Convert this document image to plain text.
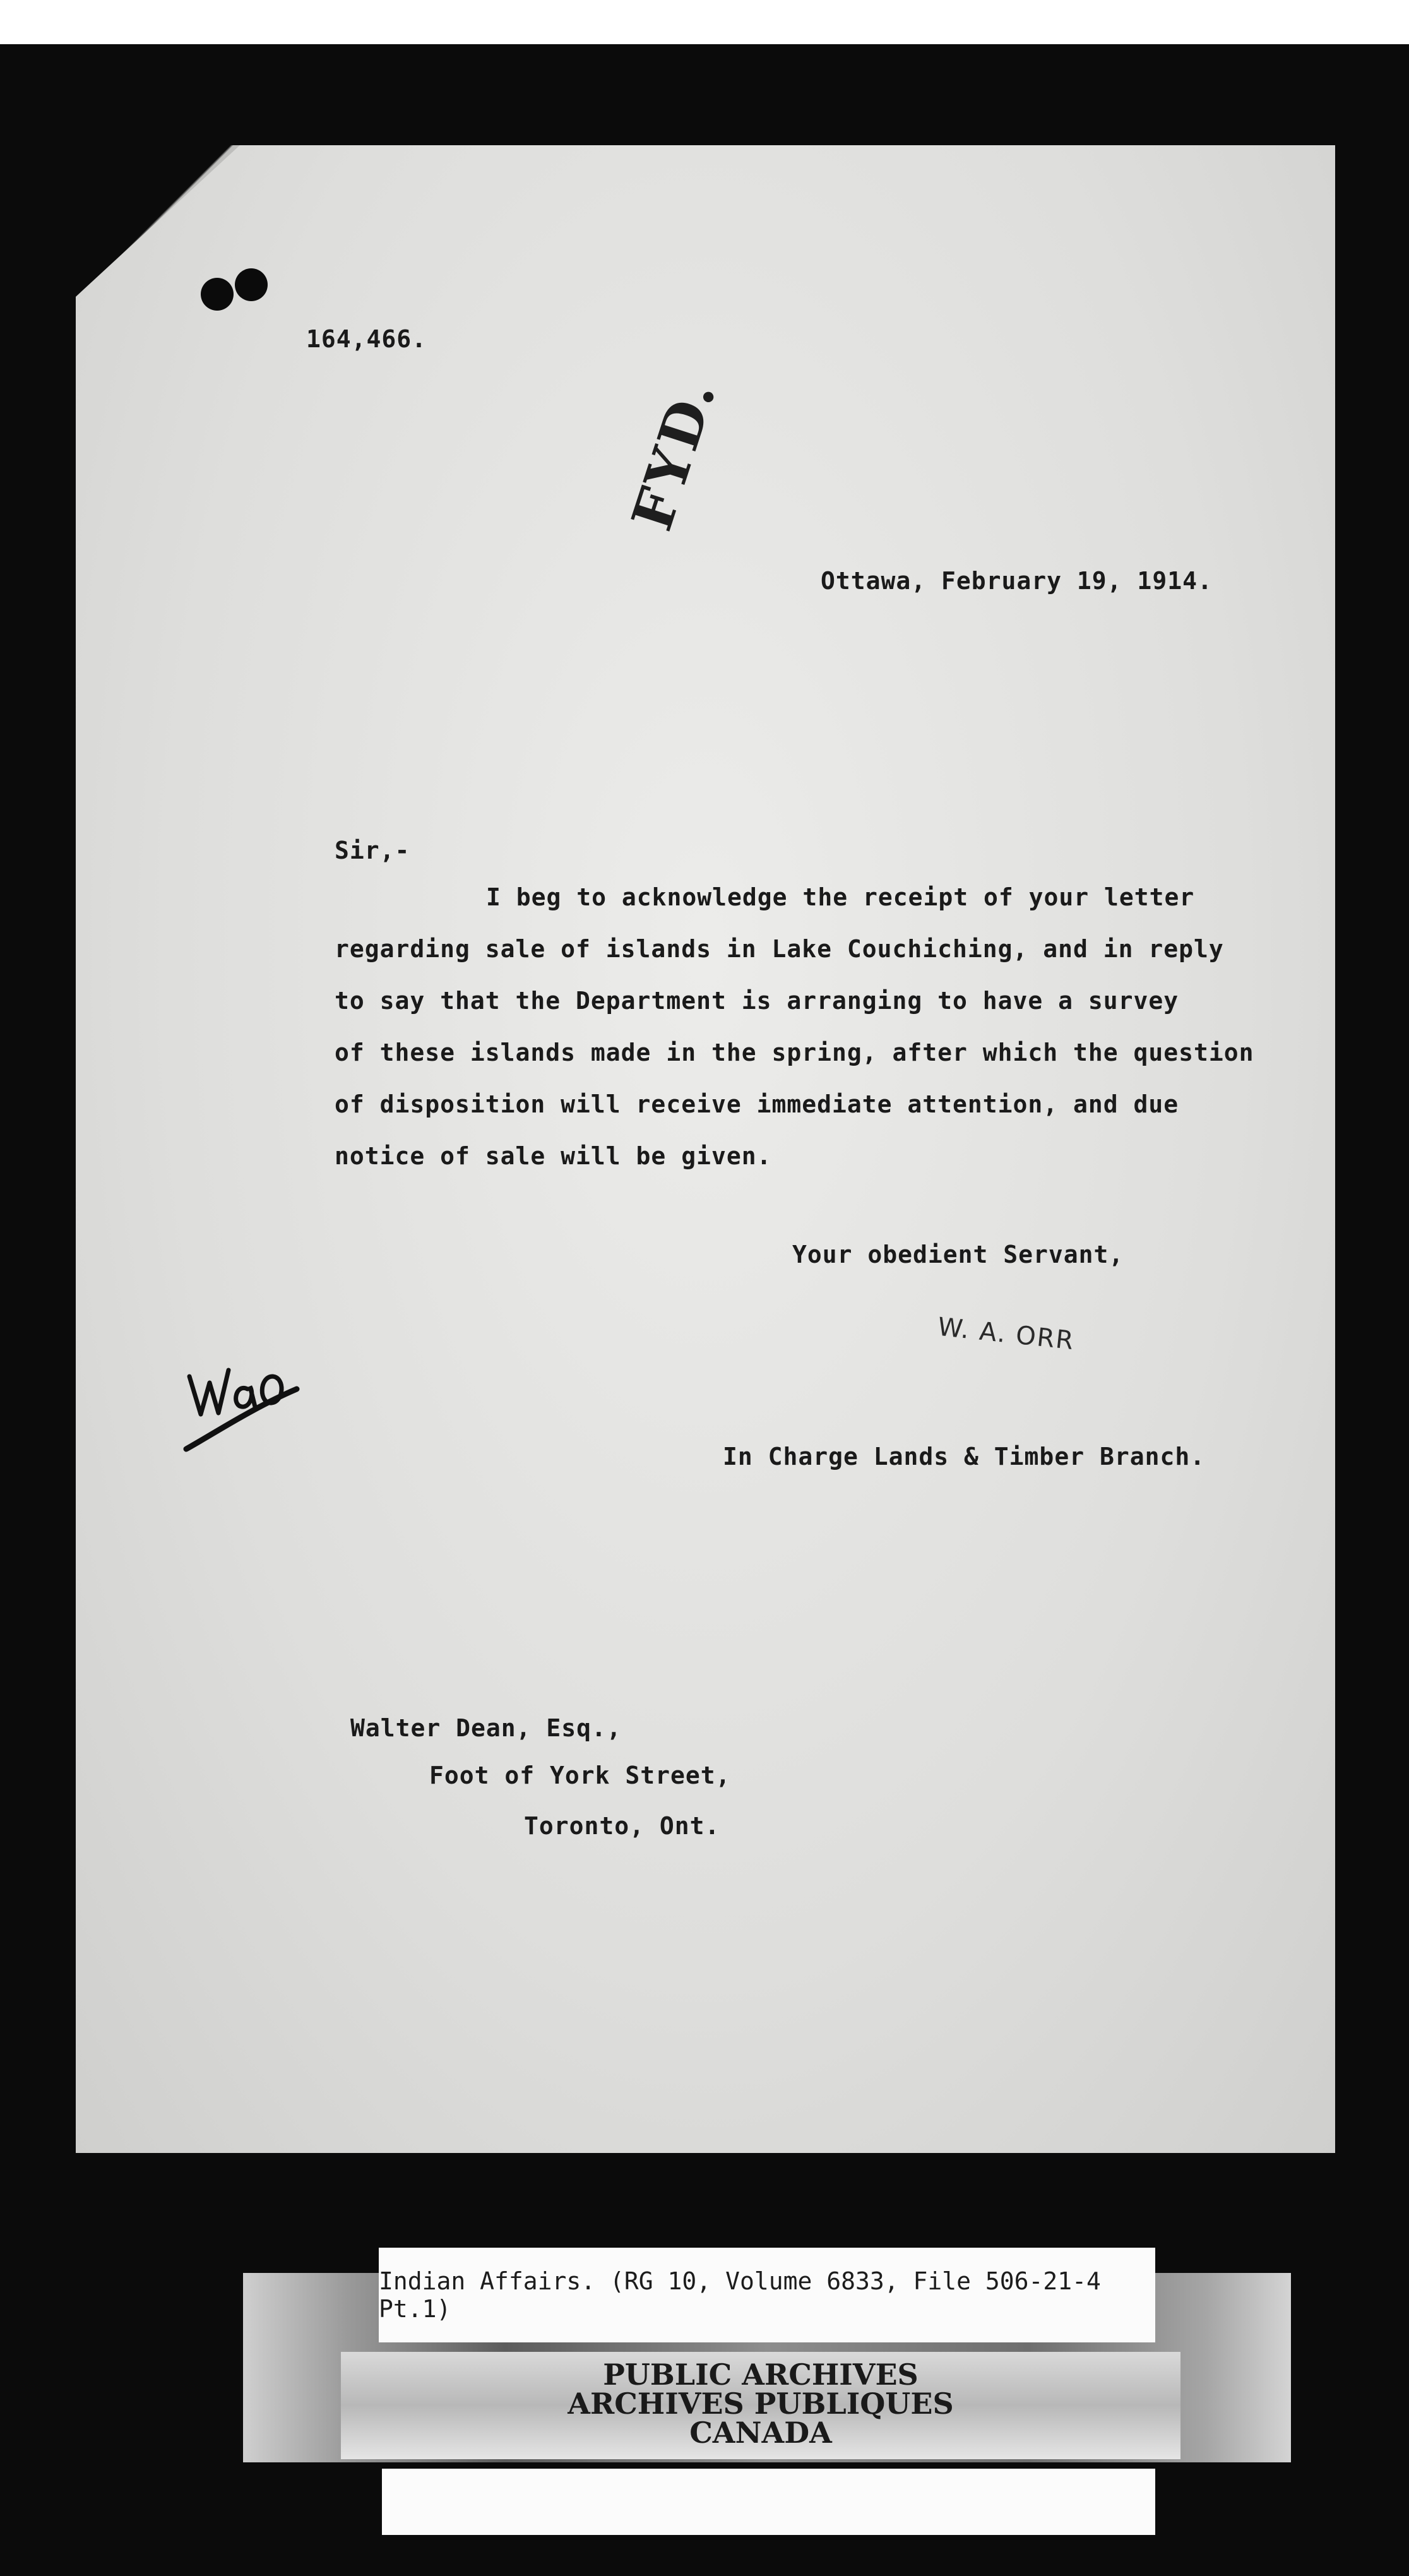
164,466.
FYD.
Ottawa, February 19, 1914.
Sir,-
I beg to acknowledge the receipt of your letter
regarding sale of islands in Lake Couchiching, and in reply
to say that the Department is arranging to have a survey
of these islands made in the spring, after which the question
of disposition will receive immediate attention, and due
notice of sale will be given.
Your obedient Servant,
W. A. ORR
In Charge Lands & Timber Branch.
Walter Dean, Esq.,
Foot of York Street,
Toronto, Ont.
Indian Affairs. (RG 10, Volume 6833, File 506-21-4 Pt.1)
PUBLIC ARCHIVES
ARCHIVES PUBLIQUES
CANADA
